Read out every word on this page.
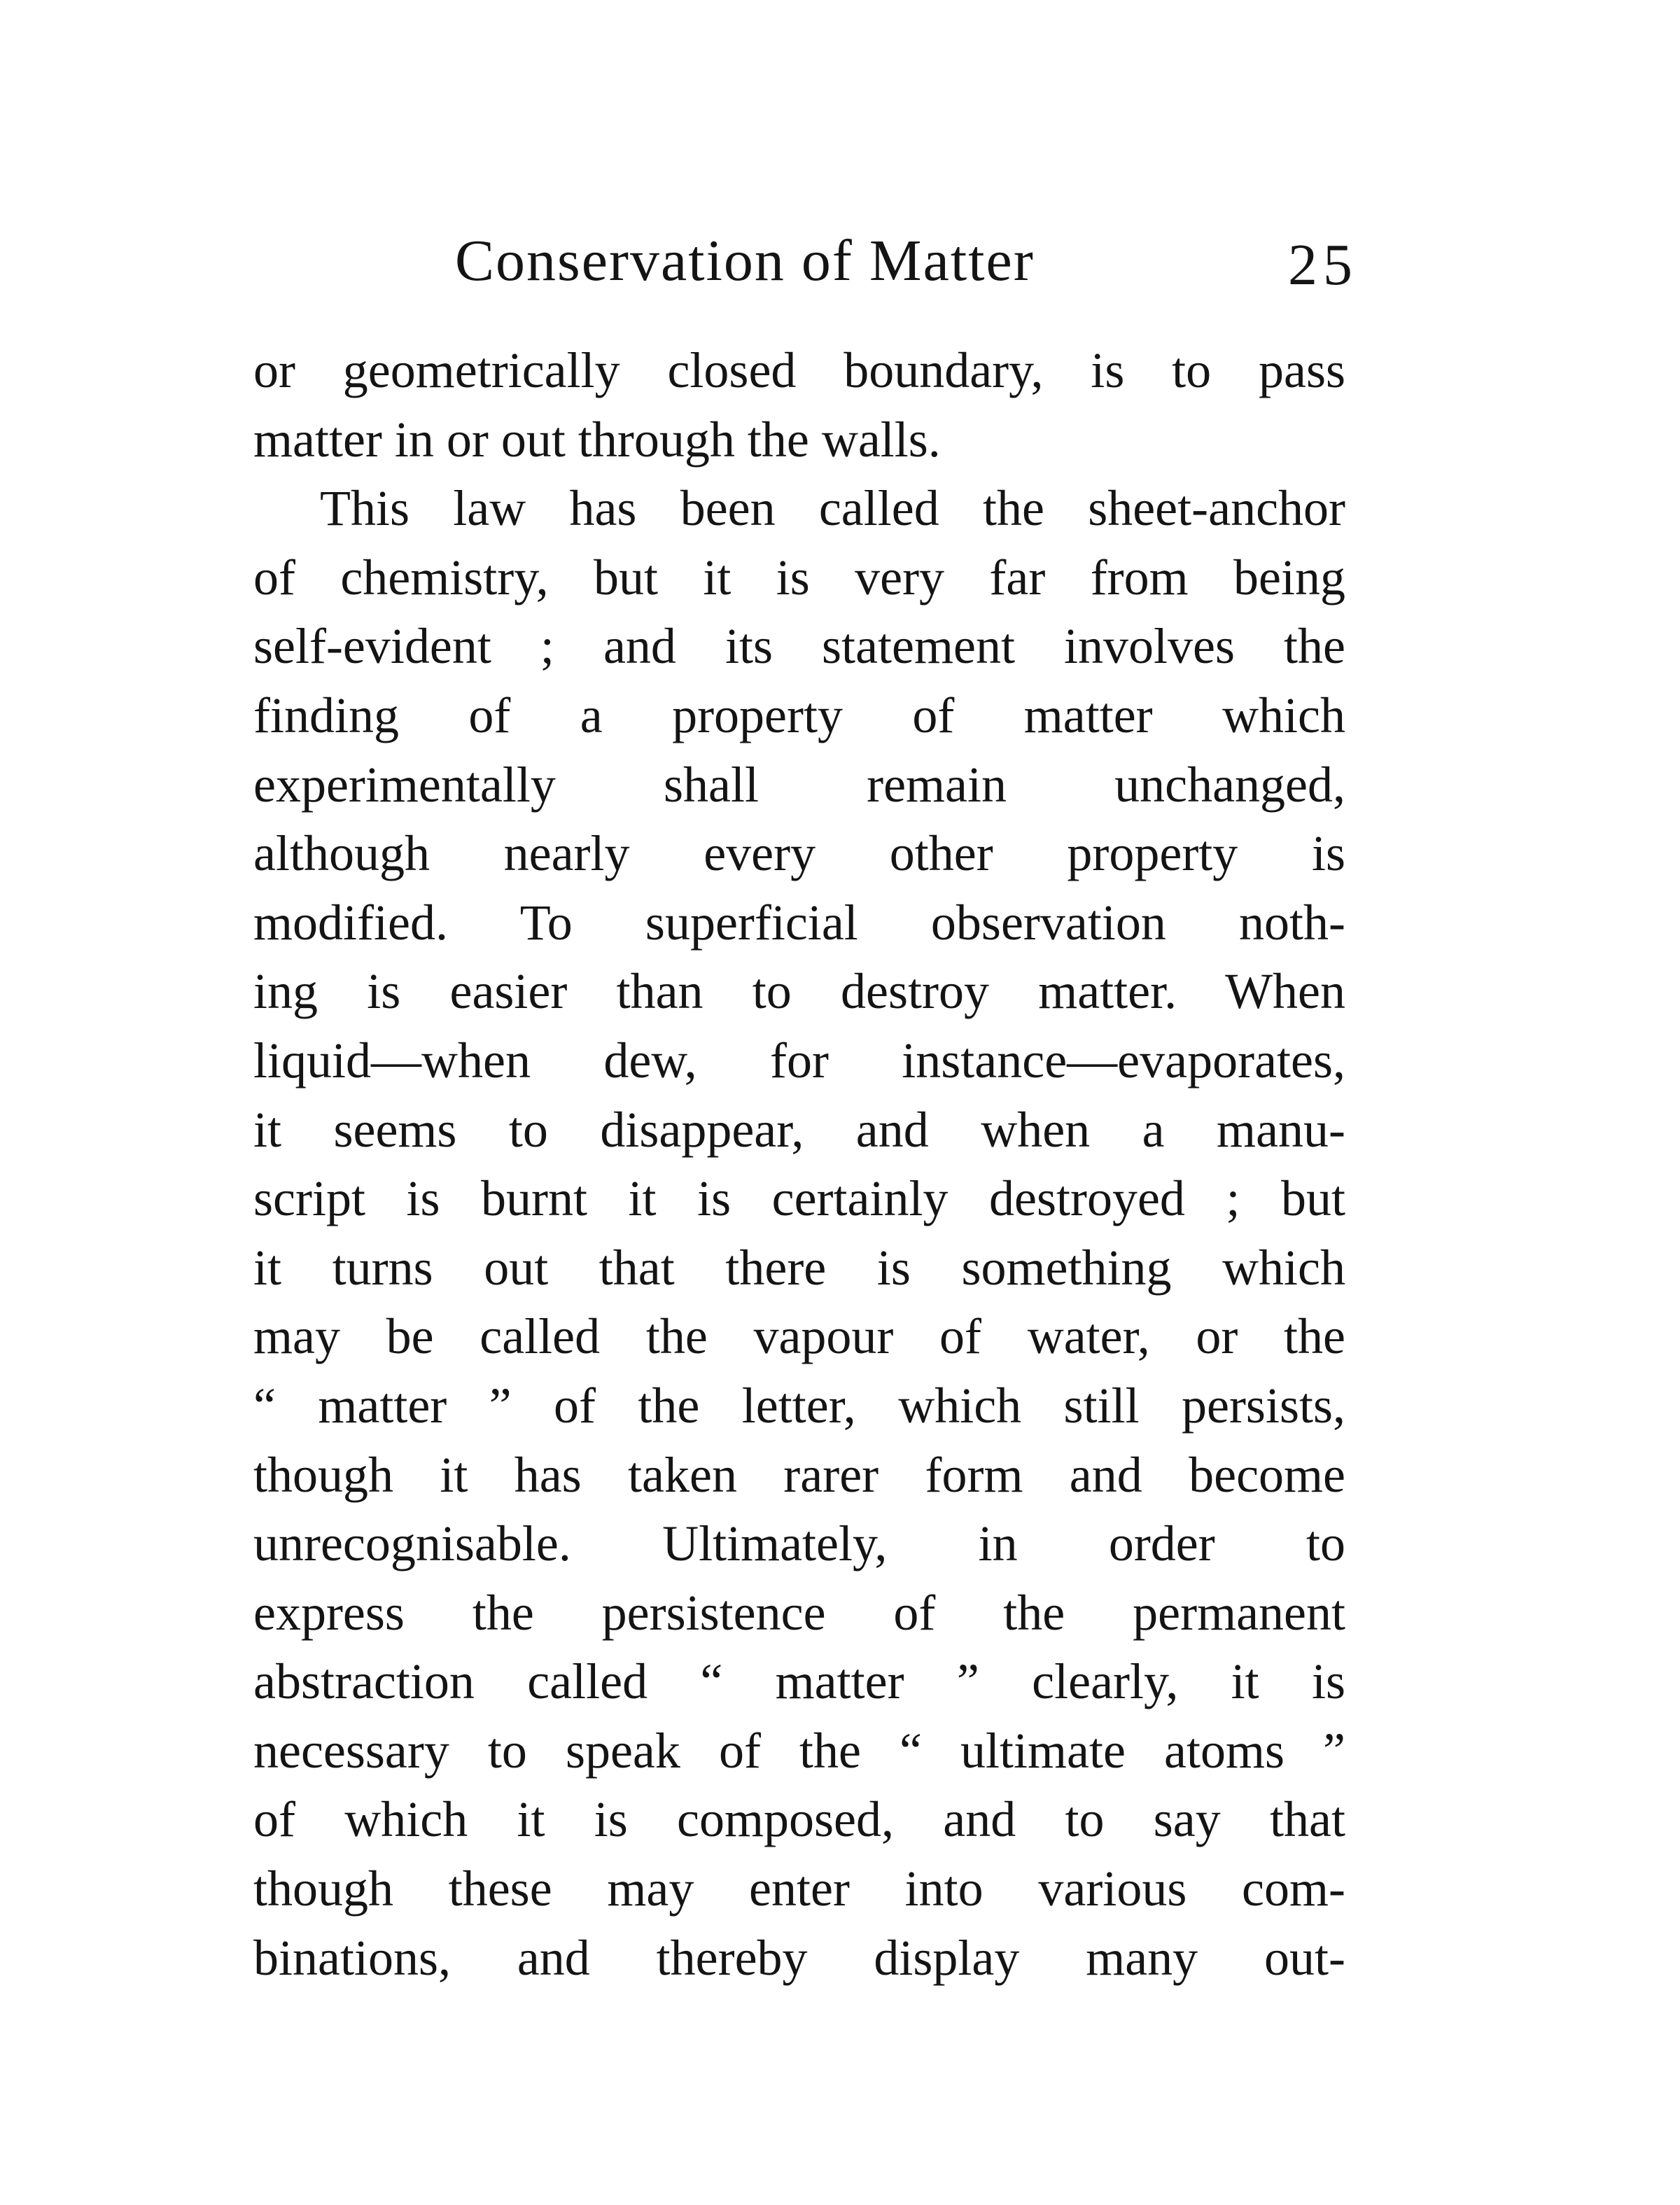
Conservation of Matter	25
or geometrically closed boundary, is to pass
matter in or out through the walls.
This law has been called the sheet-anchor
of chemistry, but it is very far from being
self-evident ; and its statement involves the
finding of a property of matter which
experimentally shall remain unchanged,
although nearly every other property is
modified. To superficial observation noth-
ing is easier than to destroy matter. When
liquid—when dew, for instance—evaporates,
it seems to disappear, and when a manu-
script is burnt it is certainly destroyed ; but
it turns out that there is something which
may be called the vapour of water, or the
“ matter ” of the letter, which still persists,
though it has taken rarer form and become
unrecognisable. Ultimately, in order to
express the persistence of the permanent
abstraction called “ matter ” clearly, it is
necessary to speak of the “ ultimate atoms ”
of which it is composed, and to say that
though these may enter into various com-
binations, and thereby display many out-
